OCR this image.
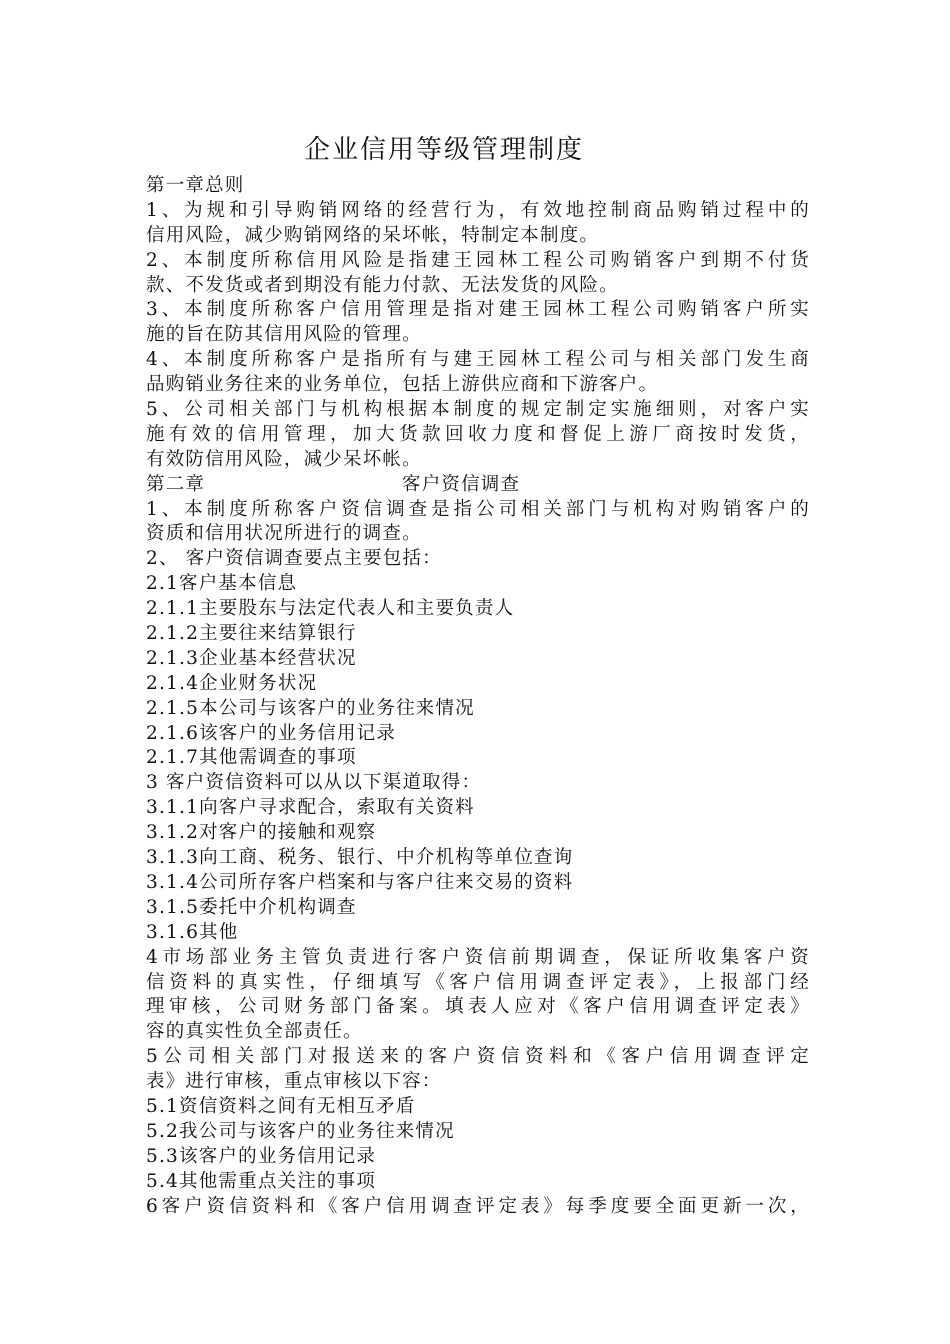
企业信用等级管理制度
第一章总则
1、为规和引导购销网络的经营行为，有效地控制商品购销过程中的
信用风险，减少购销网络的呆坏帐，特制定本制度。
2、本制度所称信用风险是指建王园林工程公司购销客户到期不付货
款、不发货或者到期没有能力付款、无法发货的风险。
3、本制度所称客户信用管理是指对建王园林工程公司购销客户所实
施的旨在防其信用风险的管理。
4、本制度所称客户是指所有与建王园林工程公司与相关部门发生商
品购销业务往来的业务单位，包括上游供应商和下游客户。
5、公司相关部门与机构根据本制度的规定制定实施细则，对客户实
施有效的信用管理，加大货款回收力度和督促上游厂商按时发货，
有效防信用风险，减少呆坏帐。
第二章	客户资信调查
1、本制度所称客户资信调查是指公司相关部门与机构对购销客户的
资质和信用状况所进行的调查。
2、 客户资信调查要点主要包括：
2.1客户基本信息
2.1.1主要股东与法定代表人和主要负责人
2.1.2主要往来结算银行
2.1.3企业基本经营状况
2.1.4企业财务状况
2.1.5本公司与该客户的业务往来情况
2.1.6该客户的业务信用记录
2.1.7其他需调查的事项
3 客户资信资料可以从以下渠道取得：
3.1.1向客户寻求配合，索取有关资料
3.1.2对客户的接触和观察
3.1.3向工商、税务、银行、中介机构等单位查询
3.1.4公司所存客户档案和与客户往来交易的资料
3.1.5委托中介机构调查
3.1.6其他
4市场部业务主管负责进行客户资信前期调查，保证所收集客户资
信资料的真实性，仔细填写《客户信用调查评定表》，上报部门经
理审核，公司财务部门备案。填表人应对《客户信用调查评定表》
容的真实性负全部责任。
5公司相关部门对报送来的客户资信资料和《客户信用调查评定
表》进行审核，重点审核以下容：
5.1资信资料之间有无相互矛盾
5.2我公司与该客户的业务往来情况
5.3该客户的业务信用记录
5.4其他需重点关注的事项
6客户资信资料和《客户信用调查评定表》每季度要全面更新一次，
